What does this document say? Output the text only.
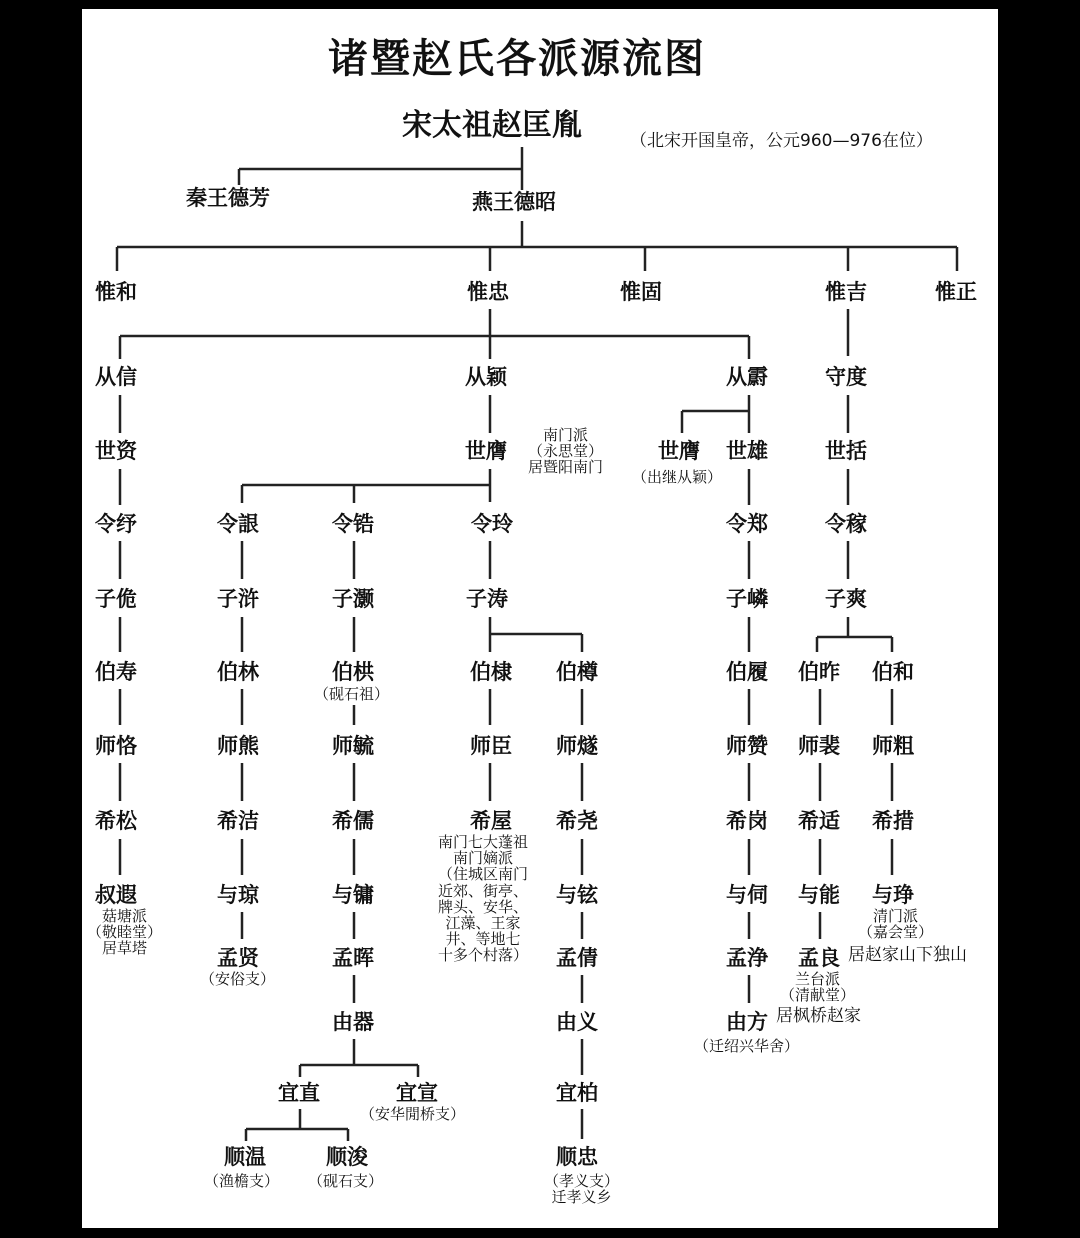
诸暨赵氏各派源流图
宋太祖赵匡胤	（北宋开国皇帝，公元960—976在位）
秦王德芳	燕王德昭
惟和	惟忠	惟固	惟吉	惟正
从信	从颖	从霨	守度
世资	世膺
南门派
（永思堂）
居暨阳南门
世膺
（出继从颖）
世雄	世括
令纾	令詪	令锆	令玲	令郑	令稼
子佹	子浒	子灏	子涛	子嶙	子爽
伯寿	伯林	伯栱
（砚石祖）
伯棣 伯樽	伯履 伯昨 伯和
师恪	师熊	师毓	师臣 师燧	师赞 师裴 师粗
希松	希洁	希儒	希屋
南门七大蓬祖
南门嫡派
（住城区南门
近郊、街亭、
牌头、安华、
江藻、王家
井、等地七
十多个村落）
希尧	希岗 希适 希措
叔遐
菇塘派
（敬睦堂）
居草塔
与琼	与镛	与铉	与伺 与能 与琤
清门派
（嘉会堂）
孟贤
（安俗支）
孟晖	孟倩	孟浄 孟良 居赵家山下独山
兰台派
（清献堂）
由器	由义	由方 居枫桥赵家
（迁绍兴华舍）
宜直	宜宣
（安华閒桥支）
宜柏
顺温
（渔檐支）
顺浚
（砚石支）
顺忠
（孝义支）
迁孝义乡
